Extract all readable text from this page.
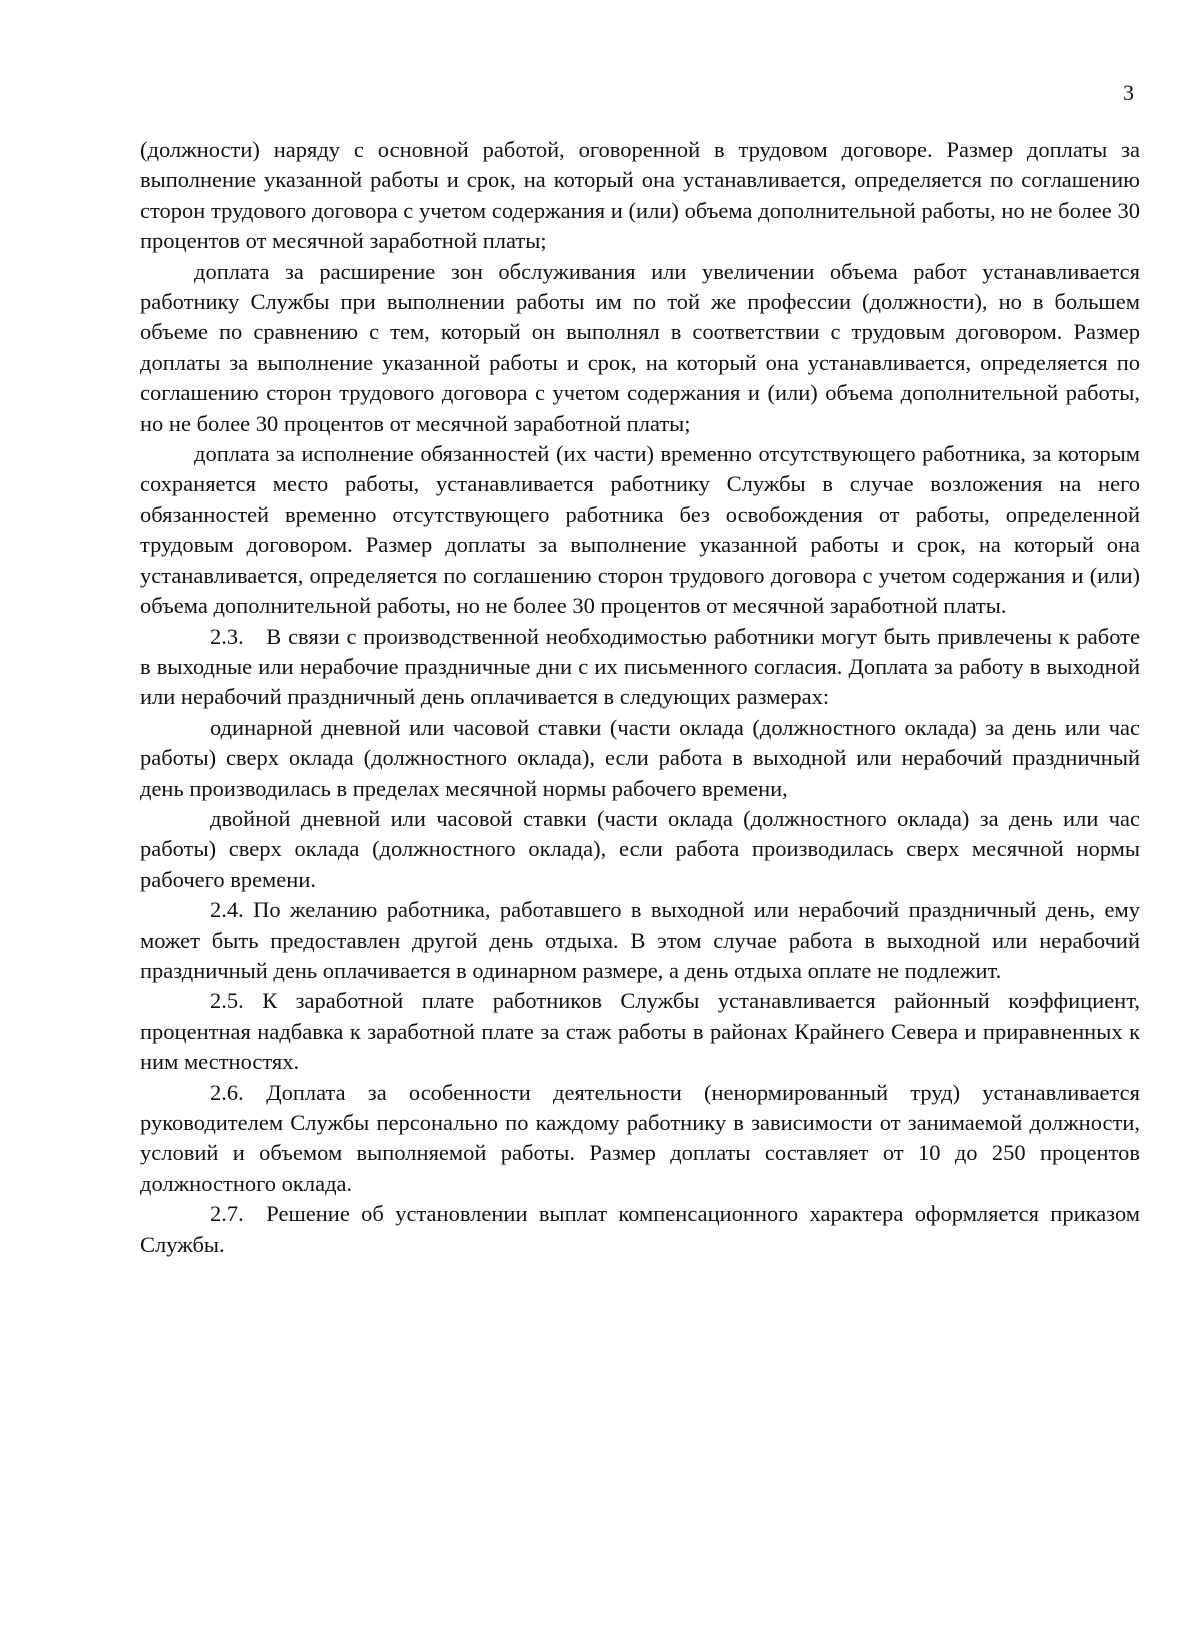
3

(должности) наряду с основной работой, оговоренной в трудовом договоре. Размер доплаты за выполнение указанной работы и срок, на который она устанавливается, определяется по соглашению сторон трудового договора с учетом содержания и (или) объема дополнительной работы, но не более 30 процентов от месячной заработной платы;

доплата за расширение зон обслуживания или увеличении объема работ устанавливается работнику Службы при выполнении работы им по той же профессии (должности), но в большем объеме по сравнению с тем, который он выполнял в соответствии с трудовым договором. Размер доплаты за выполнение указанной работы и срок, на который она устанавливается, определяется по соглашению сторон трудового договора с учетом содержания и (или) объема дополнительной работы, но не более 30 процентов от месячной заработной платы;

доплата за исполнение обязанностей (их части) временно отсутствующего работника, за которым сохраняется место работы, устанавливается работнику Службы в случае возложения на него обязанностей временно отсутствующего работника без освобождения от работы, определенной трудовым договором. Размер доплаты за выполнение указанной работы и срок, на который она устанавливается, определяется по соглашению сторон трудового договора с учетом содержания и (или) объема дополнительной работы, но не более 30 процентов от месячной заработной платы.

2.3. В связи с производственной необходимостью работники могут быть привлечены к работе в выходные или нерабочие праздничные дни с их письменного согласия. Доплата за работу в выходной или нерабочий праздничный день оплачивается в следующих размерах:

одинарной дневной или часовой ставки (части оклада (должностного оклада) за день или час работы) сверх оклада (должностного оклада), если работа в выходной или нерабочий праздничный день производилась в пределах месячной нормы рабочего времени,

двойной дневной или часовой ставки (части оклада (должностного оклада) за день или час работы) сверх оклада (должностного оклада), если работа производилась сверх месячной нормы рабочего времени.

2.4. По желанию работника, работавшего в выходной или нерабочий праздничный день, ему может быть предоставлен другой день отдыха. В этом случае работа в выходной или нерабочий праздничный день оплачивается в одинарном размере, а день отдыха оплате не подлежит.

2.5. К заработной плате работников Службы устанавливается районный коэффициент, процентная надбавка к заработной плате за стаж работы в районах Крайнего Севера и приравненных к ним местностях.

2.6. Доплата за особенности деятельности (ненормированный труд) устанавливается руководителем Службы персонально по каждому работнику в зависимости от занимаемой должности, условий и объемом выполняемой работы. Размер доплаты составляет от 10 до 250 процентов должностного оклада.

2.7. Решение об установлении выплат компенсационного характера оформляется приказом Службы.
